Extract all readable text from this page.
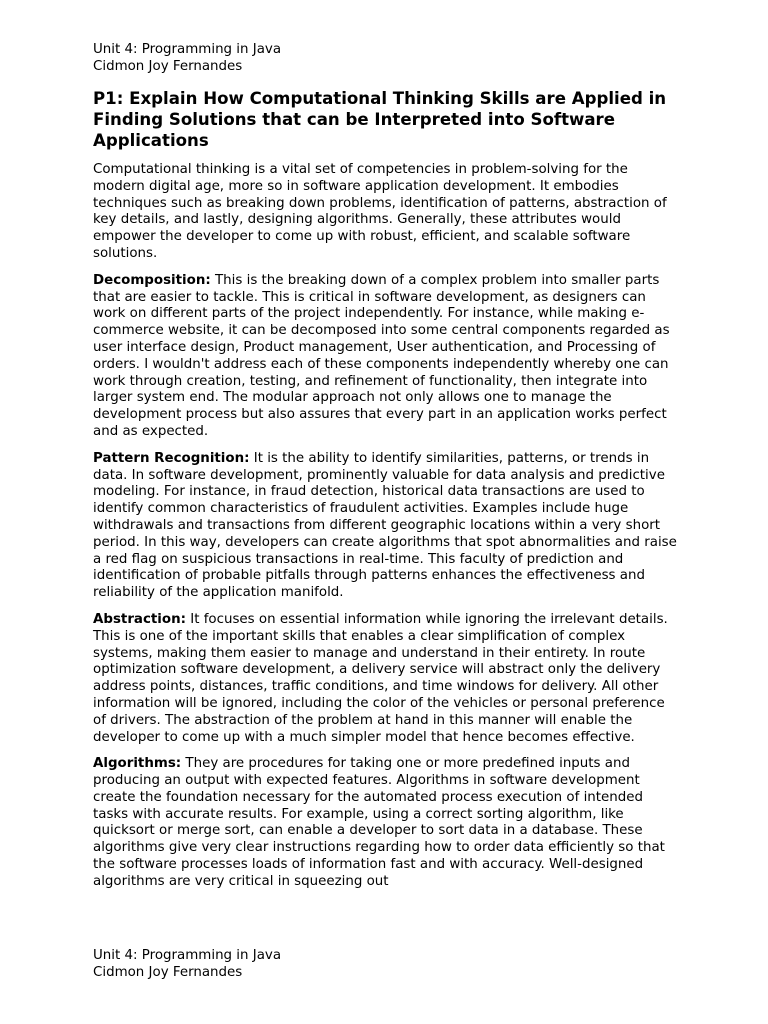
Unit 4: Programming in Java
Cidmon Joy Fernandes
P1: Explain How Computational Thinking Skills are Applied in Finding Solutions that can be Interpreted into Software Applications

Computational thinking is a vital set of competencies in problem-solving for the modern digital age, more so in software application development. It embodies techniques such as breaking down problems, identification of patterns, abstraction of key details, and lastly, designing algorithms. Generally, these attributes would empower the developer to come up with robust, efficient, and scalable software solutions.

Decomposition: This is the breaking down of a complex problem into smaller parts that are easier to tackle. This is critical in software development, as designers can work on different parts of the project independently. For instance, while making e-commerce website, it can be decomposed into some central components regarded as user interface design, Product management, User authentication, and Processing of orders. I wouldn't address each of these components independently whereby one can work through creation, testing, and refinement of functionality, then integrate into larger system end. The modular approach not only allows one to manage the development process but also assures that every part in an application works perfect and as expected.

Pattern Recognition: It is the ability to identify similarities, patterns, or trends in data. In software development, prominently valuable for data analysis and predictive modeling. For instance, in fraud detection, historical data transactions are used to identify common characteristics of fraudulent activities. Examples include huge withdrawals and transactions from different geographic locations within a very short period. In this way, developers can create algorithms that spot abnormalities and raise a red flag on suspicious transactions in real-time. This faculty of prediction and identification of probable pitfalls through patterns enhances the effectiveness and reliability of the application manifold.

Abstraction: It focuses on essential information while ignoring the irrelevant details. This is one of the important skills that enables a clear simplification of complex systems, making them easier to manage and understand in their entirety. In route optimization software development, a delivery service will abstract only the delivery address points, distances, traffic conditions, and time windows for delivery. All other information will be ignored, including the color of the vehicles or personal preference of drivers. The abstraction of the problem at hand in this manner will enable the developer to come up with a much simpler model that hence becomes effective.

Algorithms: They are procedures for taking one or more predefined inputs and producing an output with expected features. Algorithms in software development create the foundation necessary for the automated process execution of intended tasks with accurate results. For example, using a correct sorting algorithm, like quicksort or merge sort, can enable a developer to sort data in a database. These algorithms give very clear instructions regarding how to order data efficiently so that the software processes loads of information fast and with accuracy. Well-designed algorithms are very critical in squeezing out

Unit 4: Programming in Java
Cidmon Joy Fernandes
